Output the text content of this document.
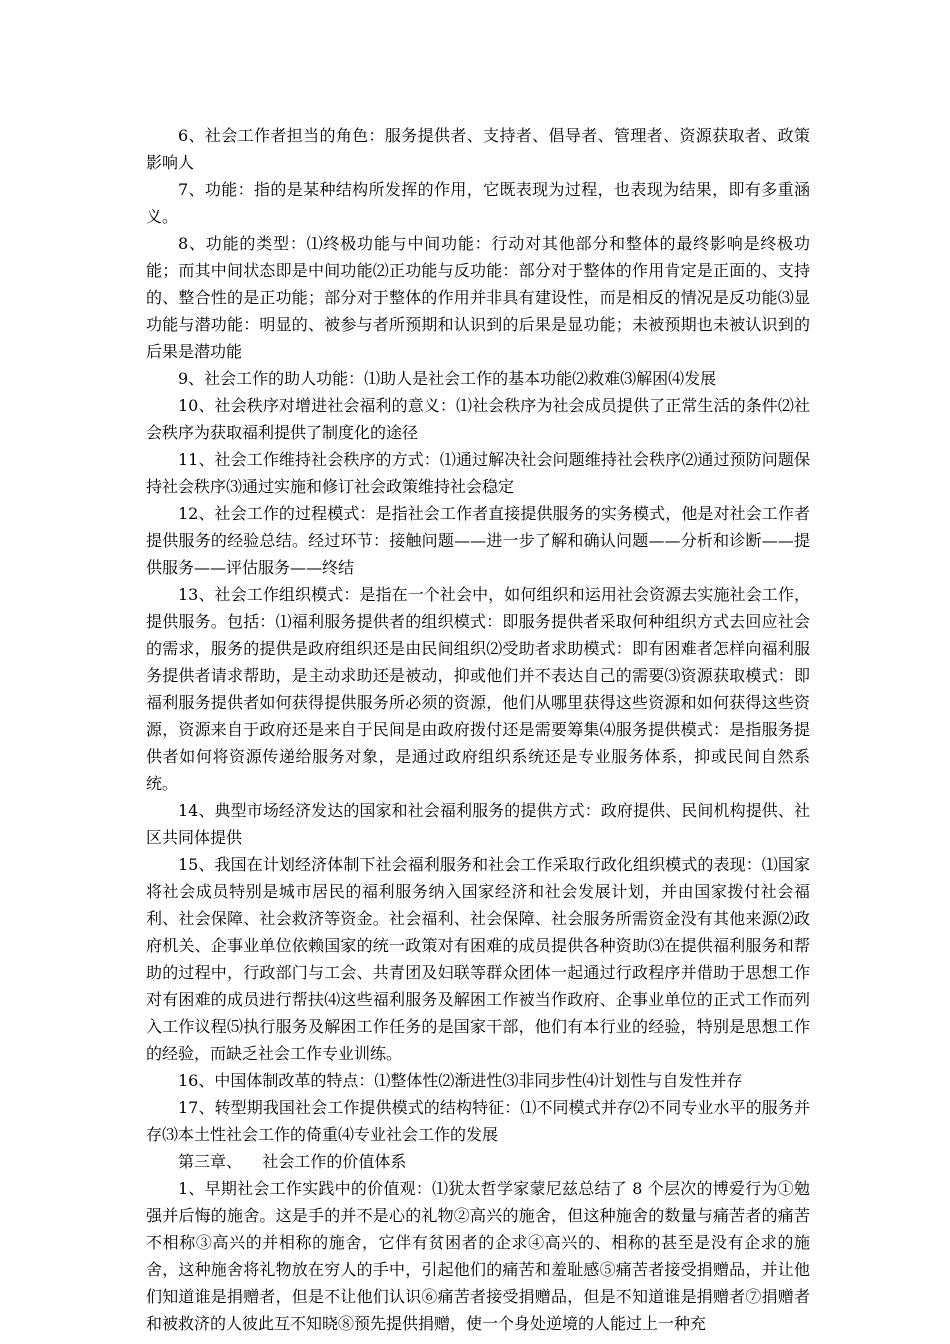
6、社会工作者担当的角色：服务提供者、支持者、倡导者、管理者、资源获取者、政策影响人

7、功能：指的是某种结构所发挥的作用，它既表现为过程，也表现为结果，即有多重涵义。

8、功能的类型：⑴终极功能与中间功能：行动对其他部分和整体的最终影响是终极功能；而其中间状态即是中间功能⑵正功能与反功能：部分对于整体的作用肯定是正面的、支持的、整合性的是正功能；部分对于整体的作用并非具有建设性，而是相反的情况是反功能⑶显功能与潜功能：明显的、被参与者所预期和认识到的后果是显功能；未被预期也未被认识到的后果是潜功能

9、社会工作的助人功能：⑴助人是社会工作的基本功能⑵救难⑶解困⑷发展

10、社会秩序对增进社会福利的意义：⑴社会秩序为社会成员提供了正常生活的条件⑵社会秩序为获取福利提供了制度化的途径

11、社会工作维持社会秩序的方式：⑴通过解决社会问题维持社会秩序⑵通过预防问题保持社会秩序⑶通过实施和修订社会政策维持社会稳定

12、社会工作的过程模式：是指社会工作者直接提供服务的实务模式，他是对社会工作者提供服务的经验总结。经过环节：接触问题——进一步了解和确认问题——分析和诊断——提供服务——评估服务——终结

13、社会工作组织模式：是指在一个社会中，如何组织和运用社会资源去实施社会工作，提供服务。包括：⑴福利服务提供者的组织模式：即服务提供者采取何种组织方式去回应社会的需求，服务的提供是政府组织还是由民间组织⑵受助者求助模式：即有困难者怎样向福利服务提供者请求帮助，是主动求助还是被动，抑或他们并不表达自己的需要⑶资源获取模式：即福利服务提供者如何获得提供服务所必须的资源，他们从哪里获得这些资源和如何获得这些资源，资源来自于政府还是来自于民间是由政府拨付还是需要筹集⑷服务提供模式：是指服务提供者如何将资源传递给服务对象，是通过政府组织系统还是专业服务体系，抑或民间自然系统。

14、典型市场经济发达的国家和社会福利服务的提供方式：政府提供、民间机构提供、社区共同体提供

15、我国在计划经济体制下社会福利服务和社会工作采取行政化组织模式的表现：⑴国家将社会成员特别是城市居民的福利服务纳入国家经济和社会发展计划，并由国家拨付社会福利、社会保障、社会救济等资金。社会福利、社会保障、社会服务所需资金没有其他来源⑵政府机关、企事业单位依赖国家的统一政策对有困难的成员提供各种资助⑶在提供福利服务和帮助的过程中，行政部门与工会、共青团及妇联等群众团体一起通过行政程序并借助于思想工作对有困难的成员进行帮扶⑷这些福利服务及解困工作被当作政府、企事业单位的正式工作而列入工作议程⑸执行服务及解困工作任务的是国家干部，他们有本行业的经验，特别是思想工作的经验，而缺乏社会工作专业训练。

16、中国体制改革的特点：⑴整体性⑵渐进性⑶非同步性⑷计划性与自发性并存

17、转型期我国社会工作提供模式的结构特征：⑴不同模式并存⑵不同专业水平的服务并存⑶本土性社会工作的倚重⑷专业社会工作的发展

第三章、    社会工作的价值体系

1、早期社会工作实践中的价值观：⑴犹太哲学家蒙尼兹总结了 8 个层次的博爱行为①勉强并后悔的施舍。这是手的并不是心的礼物②高兴的施舍，但这种施舍的数量与痛苦者的痛苦不相称③高兴的并相称的施舍，它伴有贫困者的企求④高兴的、相称的甚至是没有企求的施舍，这种施舍将礼物放在穷人的手中，引起他们的痛苦和羞耻感⑤痛苦者接受捐赠品，并让他们知道谁是捐赠者，但是不让他们认识⑥痛苦者接受捐赠品，但是不知道谁是捐赠者⑦捐赠者和被救济的人彼此互不知晓⑧预先提供捐赠，使一个身处逆境的人能过上一种充
